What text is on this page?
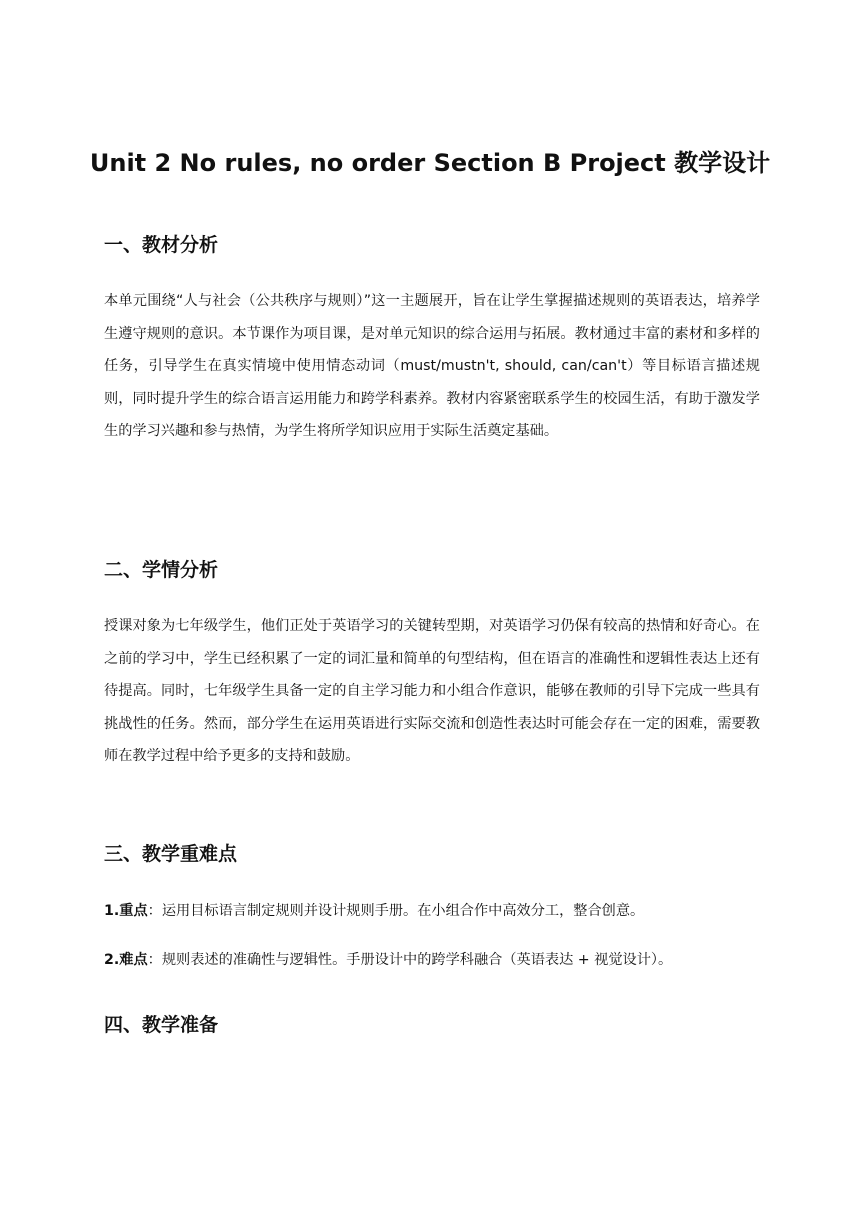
Unit 2 No rules, no order Section B Project 教学设计
一、教材分析

本单元围绕“人与社会（公共秩序与规则）”这一主题展开，旨在让学生掌握描述规则的英语表达，培养学生遵守规则的意识。本节课作为项目课，是对单元知识的综合运用与拓展。教材通过丰富的素材和多样的任务，引导学生在真实情境中使用情态动词（must/mustn't, should, can/can't）等目标语言描述规则，同时提升学生的综合语言运用能力和跨学科素养。教材内容紧密联系学生的校园生活，有助于激发学生的学习兴趣和参与热情，为学生将所学知识应用于实际生活奠定基础。

二、学情分析

授课对象为七年级学生，他们正处于英语学习的关键转型期，对英语学习仍保有较高的热情和好奇心。在之前的学习中，学生已经积累了一定的词汇量和简单的句型结构，但在语言的准确性和逻辑性表达上还有待提高。同时，七年级学生具备一定的自主学习能力和小组合作意识，能够在教师的引导下完成一些具有挑战性的任务。然而，部分学生在运用英语进行实际交流和创造性表达时可能会存在一定的困难，需要教师在教学过程中给予更多的支持和鼓励。

三、教学重难点

1.重点：运用目标语言制定规则并设计规则手册。在小组合作中高效分工，整合创意。

2.难点：规则表述的准确性与逻辑性。手册设计中的跨学科融合（英语表达 + 视觉设计）。

四、教学准备
